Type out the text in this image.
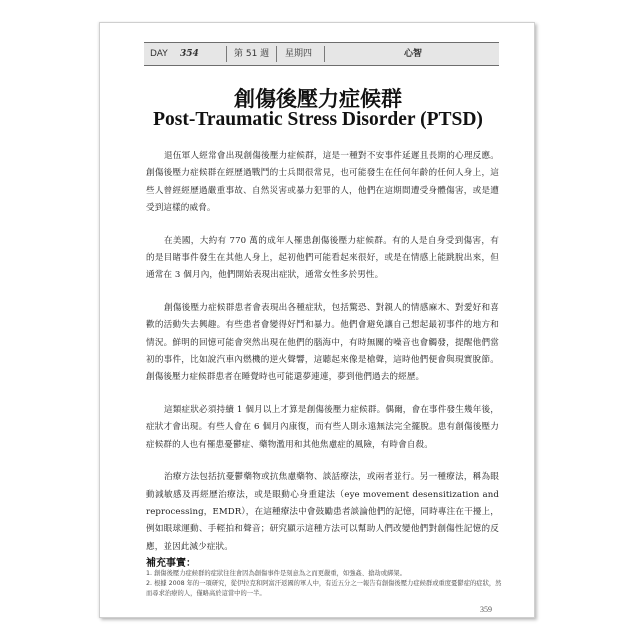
DAY 354	第 51 週 星期四	心智
創傷後壓力症候群
Post-Traumatic Stress Disorder (PTSD)

退伍軍人經常會出現創傷後壓力症候群，這是一種對不安事件延遲且長期的心理反應。創傷後壓力症候群在經歷過戰鬥的士兵間很常見，也可能發生在任何年齡的任何人身上，這些人曾經經歷過嚴重事故、自然災害或暴力犯罪的人，他們在這期間遭受身體傷害，或是遭受到這樣的威脅。

在美國，大約有 770 萬的成年人罹患創傷後壓力症候群。有的人是自身受到傷害，有的是目睹事件發生在其他人身上，起初他們可能看起來很好，或是在情感上能跳脫出來，但通常在 3 個月內，他們開始表現出症狀，通常女性多於男性。

創傷後壓力症候群患者會表現出各種症狀，包括驚恐、對親人的情感麻木、對愛好和喜歡的活動失去興趣。有些患者會變得好鬥和暴力。他們會避免讓自己想起最初事件的地方和情況。鮮明的回憶可能會突然出現在他們的腦海中，有時無關的噪音也會觸發，提醒他們當初的事件，比如說汽車內燃機的逆火聲響，這聽起來像是槍聲，這時他們便會與現實脫節。創傷後壓力症候群患者在睡覺時也可能還夢連連，夢到他們過去的經歷。

這類症狀必須持續 1 個月以上才算是創傷後壓力症候群。偶爾，會在事件發生幾年後，症狀才會出現。有些人會在 6 個月內康復，而有些人則永遠無法完全擺脫。患有創傷後壓力症候群的人也有罹患憂鬱症、藥物濫用和其他焦慮症的風險，有時會自殺。

治療方法包括抗憂鬱藥物或抗焦慮藥物、談話療法，或兩者並行。另一種療法，稱為眼動減敏感及再經歷治療法，或是眼動心身重建法（eye movement desensitization and reprocessing，EMDR），在這種療法中會鼓勵患者談論他們的記憶，同時專注在干擾上，例如眼球運動、手輕拍和聲音；研究顯示這種方法可以幫助人們改變他們對創傷性記憶的反應，並因此減少症狀。

補充事實：

1. 創傷後壓力症候群的症狀往往會因為創傷事件是刻意為之而更嚴重，如強姦、搶劫或綁架。

2. 根據 2008 年的一項研究，從伊拉克和阿富汗返國的軍人中，有近五分之一報告有創傷後壓力症候群或重度憂鬱症的症狀，然而尋求治療的人，僅略高於這當中的一半。

359
